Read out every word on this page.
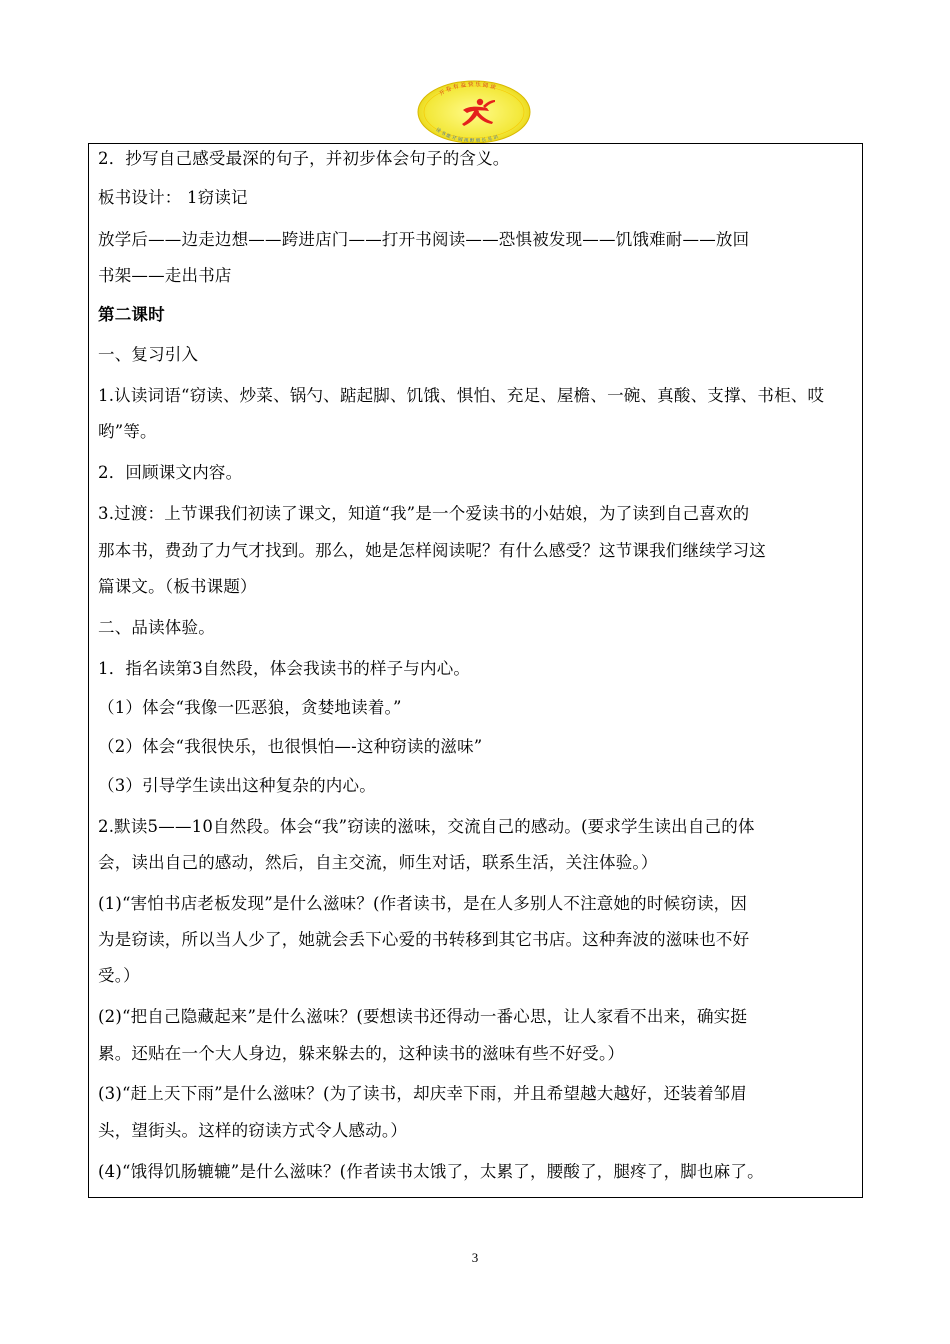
开 卷 有 益 快 乐 阅 读
读 书 能 开 阔 视 野 增 长 见 识
2．抄写自己感受最深的句子，并初步体会句子的含义。
板书设计： 1窃读记
放学后——边走边想——跨进店门——打开书阅读——恐惧被发现——饥饿难耐——放回
书架——走出书店
第二课时
一、复习引入
1.认读词语“窃读、炒菜、锅勺、踮起脚、饥饿、惧怕、充足、屋檐、一碗、真酸、支撑、书柜、哎
哟”等。
2．回顾课文内容。
3.过渡：上节课我们初读了课文，知道“我”是一个爱读书的小姑娘，为了读到自己喜欢的
那本书，费劲了力气才找到。那么，她是怎样阅读呢？有什么感受？这节课我们继续学习这
篇课文。（板书课题）
二、品读体验。
1．指名读第3自然段，体会我读书的样子与内心。
（1）体会“我像一匹恶狼，贪婪地读着。”
（2）体会“我很快乐，也很惧怕—-这种窃读的滋味”
（3）引导学生读出这种复杂的内心。
2.默读5——10自然段。体会“我”窃读的滋味，交流自己的感动。(要求学生读出自己的体
会，读出自己的感动，然后，自主交流，师生对话，联系生活，关注体验。）
(1)“害怕书店老板发现”是什么滋味？(作者读书，是在人多别人不注意她的时候窃读，因
为是窃读，所以当人少了，她就会丢下心爱的书转移到其它书店。这种奔波的滋味也不好
受。）
(2)“把自己隐藏起来”是什么滋味？(要想读书还得动一番心思，让人家看不出来，确实挺
累。还贴在一个大人身边，躲来躲去的，这种读书的滋味有些不好受。）
(3)“赶上天下雨”是什么滋味？(为了读书，却庆幸下雨，并且希望越大越好，还装着邹眉
头，望街头。这样的窃读方式令人感动。）
(4)“饿得饥肠辘辘”是什么滋味？(作者读书太饿了，太累了，腰酸了，腿疼了，脚也麻了。
3
